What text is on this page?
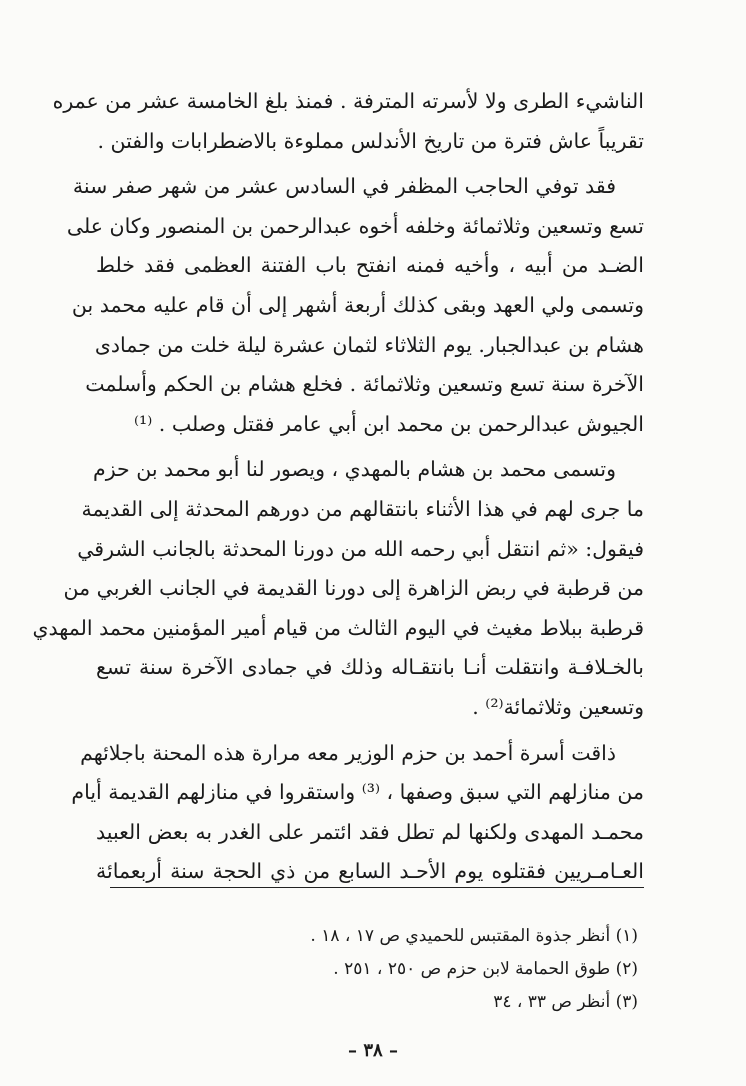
الناشيء الطرى ولا لأسرته المترفة . فمنذ بلغ الخامسة عشر من عمره
تقريباً عاش فترة من تاريخ الأندلس مملوءة بالاضطرابات والفتن .
فقد توفي الحاجب المظفر في السادس عشر من شهر صفر سنة
تسع وتسعين وثلاثمائة وخلفه أخوه عبدالرحمن بن المنصور وكان على
الضـد من أبيه ، وأخيه فمنه انفتح باب الفتنة العظمى فقد خلط
وتسمى ولي العهد وبقى كذلك أربعة أشهر إلى أن قام عليه محمد بن
هشام بن عبدالجبار. يوم الثلاثاء لثمان عشرة ليلة خلت من جمادى
الآخرة سنة تسع وتسعين وثلاثمائة . فخلع هشام بن الحكم وأسلمت
الجيوش عبدالرحمن بن محمد ابن أبي عامر فقتل وصلب . ⁽¹⁾
وتسمى محمد بن هشام بالمهدي ، ويصور لنا أبو محمد بن حزم
ما جرى لهم في هذا الأثناء بانتقالهم من دورهم المحدثة إلى القديمة
فيقول: «ثم انتقل أبي رحمه الله من دورنا المحدثة بالجانب الشرقي
من قرطبة في ربض الزاهرة إلى دورنا القديمة في الجانب الغربي من
قرطبة ببلاط مغيث في اليوم الثالث من قيام أمير المؤمنين محمد المهدي
بالخـلافـة وانتقلت أنـا بانتقـاله وذلك في جمادى الآخرة سنة تسع
وتسعين وثلاثمائة⁽²⁾ .
ذاقت أسرة أحمد بن حزم الوزير معه مرارة هذه المحنة باجلائهم
من منازلهم التي سبق وصفها ، ⁽³⁾ واستقروا في منازلهم القديمة أيام
محمـد المهدى ولكنها لم تطل فقد ائتمر على الغدر به بعض العبيد
العـامـريين فقتلوه يوم الأحـد السابع من ذي الحجة سنة أربعمائة
(١) أنظر جذوة المقتبس للحميدي ص ١٧ ، ١٨ .
(٢) طوق الحمامة لابن حزم ص ٢٥٠ ، ٢٥١ .
(٣) أنظر ص ٣٣ ، ٣٤
– ٣٨ –
